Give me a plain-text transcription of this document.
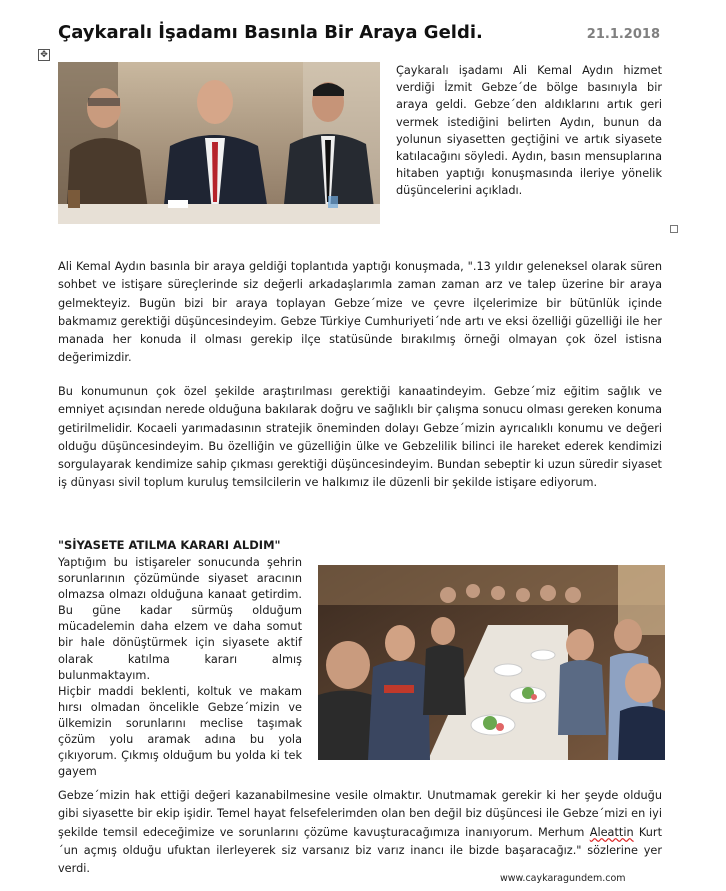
Çaykaralı İşadamı Basınla Bir Araya Geldi.	21.1.2018
✥

Çaykaralı işadamı Ali Kemal Aydın hizmet verdiği İzmit Gebze´de bölge basınıyla bir araya geldi. Gebze´den aldıklarını artık geri vermek istediğini belirten Aydın, bunun da yolunun siyasetten geçtiğini ve artık siyasete katılacağını söyledi. Aydın, basın mensuplarına hitaben yaptığı konuşmasında ileriye yönelik düşüncelerini açıkladı.

Ali Kemal Aydın basınla bir araya geldiği toplantıda yaptığı konuşmada, ".13 yıldır geleneksel olarak süren sohbet ve istişare süreçlerinde siz değerli arkadaşlarımla zaman zaman arz ve talep üzerine bir araya gelmekteyiz. Bugün bizi bir araya toplayan Gebze´mize ve çevre ilçelerimize bir bütünlük içinde bakmamız gerektiği düşüncesindeyim. Gebze Türkiye Cumhuriyeti´nde artı ve eksi özelliği güzelliği ile her manada her konuda il olması gerekip ilçe statüsünde bırakılmış örneği olmayan çok özel istisna değerimizdir.

Bu konumunun çok özel şekilde araştırılması gerektiği kanaatindeyim. Gebze´miz eğitim sağlık ve emniyet açısından nerede olduğuna bakılarak doğru ve sağlıklı bir çalışma sonucu olması gereken konuma getirilmelidir. Kocaeli yarımadasının stratejik öneminden dolayı Gebze´mizin ayrıcalıklı konumu ve değeri olduğu düşüncesindeyim. Bu özelliğin ve güzelliğin ülke ve Gebzelilik bilinci ile hareket ederek kendimizi sorgulayarak kendimize sahip çıkması gerektiği düşüncesindeyim. Bundan sebeptir ki uzun süredir siyaset iş dünyası sivil toplum kuruluş temsilcilerin ve halkımız ile düzenli bir şekilde istişare ediyorum.

"SİYASETE ATILMA KARARI ALDIM"
Yaptığım bu istişareler sonucunda şehrin sorunlarının çözümünde siyaset aracının olmazsa olmazı olduğuna kanaat getirdim. Bu güne kadar sürmüş olduğum mücadelemin daha elzem ve daha somut bir hale dönüştürmek için siyasete aktif olarak katılma kararı almış bulunmaktayım.
Hiçbir maddi beklenti, koltuk ve makam hırsı olmadan öncelikle Gebze´mizin ve ülkemizin sorunlarını meclise taşımak çözüm yolu aramak adına bu yola çıkıyorum. Çıkmış olduğum bu yolda ki tek gayem

Gebze´mizin hak ettiği değeri kazanabilmesine vesile olmaktır. Unutmamak gerekir ki her şeyde olduğu gibi siyasette bir ekip işidir. Temel hayat felsefelerimden olan ben değil biz düşüncesi ile Gebze´mizi en iyi şekilde temsil edeceğimize ve sorunlarını çözüme kavuşturacağımıza inanıyorum. Merhum Aleattin Kurt´un açmış olduğu ufuktan ilerleyerek siz varsanız biz varız inancı ile bizde başaracağız." sözlerine yer verdi.

www.caykaragundem.com
